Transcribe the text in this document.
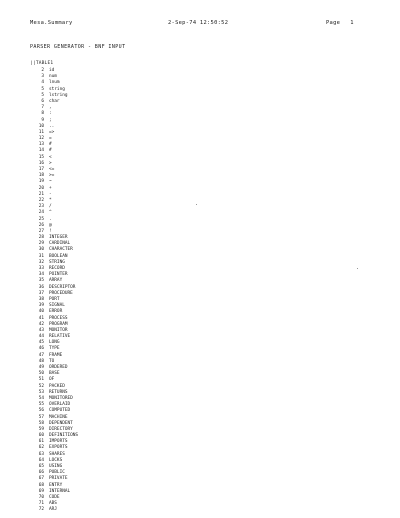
Mesa.Summary	2-Sep-74 12:50:52	Page 1
PARSER GENERATOR - BNF INPUT
||TABLE1
2 id
3 num
4 lnum
5 string
5 lstring
6 char
7 ,
8 :
9 ;
10 ..
11 =>
12 =
13 #
14 #
15 <
16 >
17 <=
18 >=
19 ~
20 +
21 -
22 *
23 /
24 ^
25 .
26 @
27 !
28 INTEGER
29 CARDINAL
30 CHARACTER
31 BOOLEAN
32 STRING
33 RECORD
34 POINTER
35 ARRAY
36 DESCRIPTOR
37 PROCEDURE
38 PORT
39 SIGNAL
40 ERROR
41 PROCESS
42 PROGRAM
43 MONITOR
44 RELATIVE
45 LONG
46 TYPE
47 FRAME
48 TO
49 ORDERED
50 BASE
51 OF
52 PACKED
53 RETURNS
54 MONITORED
55 OVERLAID
56 COMPUTED
57 MACHINE
58 DEPENDENT
59 DIRECTORY
60 DEFINITIONS
61 IMPORTS
62 EXPORTS
63 SHARES
64 LOCKS
65 USING
66 PUBLIC
67 PRIVATE
68 ENTRY
69 INTERNAL
70 CODE
71 ABS
72 ARJ
